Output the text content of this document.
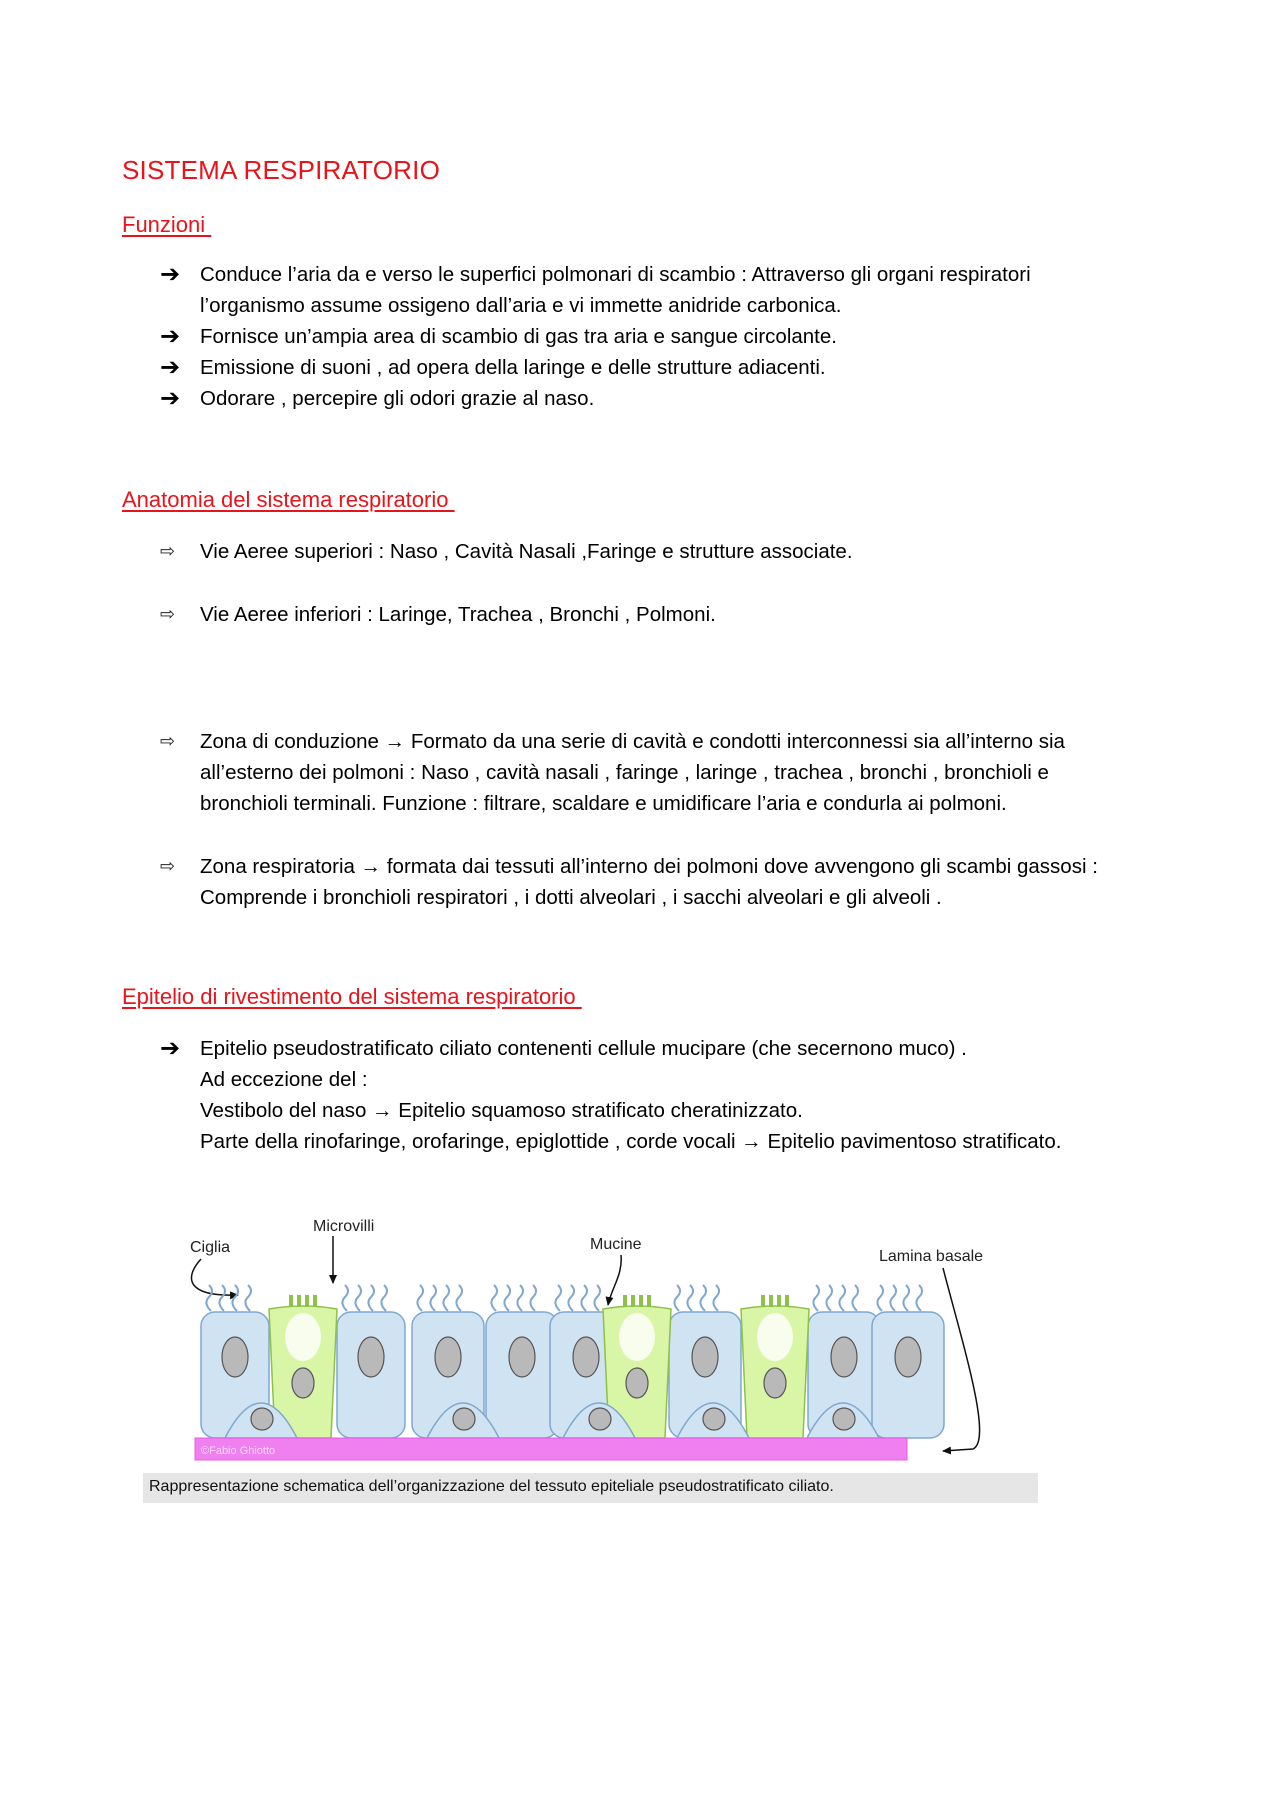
SISTEMA RESPIRATORIO
Funzioni
➔ Conduce l’aria da e verso le superfici polmonari di scambio : Attraverso gli organi respiratori
l’organismo assume ossigeno dall’aria e vi immette anidride carbonica.
➔ Fornisce un’ampia area di scambio di gas tra aria e sangue circolante.
➔ Emissione di suoni , ad opera della laringe e delle strutture adiacenti.
➔ Odorare , percepire gli odori grazie al naso.
Anatomia del sistema respiratorio
⇨	Vie Aeree superiori : Naso , Cavità Nasali ,Faringe e strutture associate.
⇨	Vie Aeree inferiori : Laringe, Trachea , Bronchi , Polmoni.
⇨	Zona di conduzione → Formato da una serie di cavità e condotti interconnessi sia all’interno sia
all’esterno dei polmoni : Naso , cavità nasali , faringe , laringe , trachea , bronchi , bronchioli e
bronchioli terminali. Funzione : filtrare, scaldare e umidificare l’aria e condurla ai polmoni.
⇨	Zona respiratoria → formata dai tessuti all’interno dei polmoni dove avvengono gli scambi gassosi :
Comprende i bronchioli respiratori , i dotti alveolari , i sacchi alveolari e gli alveoli .
Epitelio di rivestimento del sistema respiratorio
➔ Epitelio pseudostratificato ciliato contenenti cellule mucipare (che secernono muco) .
Ad eccezione del :
Vestibolo del naso → Epitelio squamoso stratificato cheratinizzato.
Parte della rinofaringe, orofaringe, epiglottide , corde vocali → Epitelio pavimentoso stratificato.
Ciglia
Microvilli
Mucine
Lamina basale
©Fabio Ghiotto
Rappresentazione schematica dell’organizzazione del tessuto epiteliale pseudostratificato ciliato.
